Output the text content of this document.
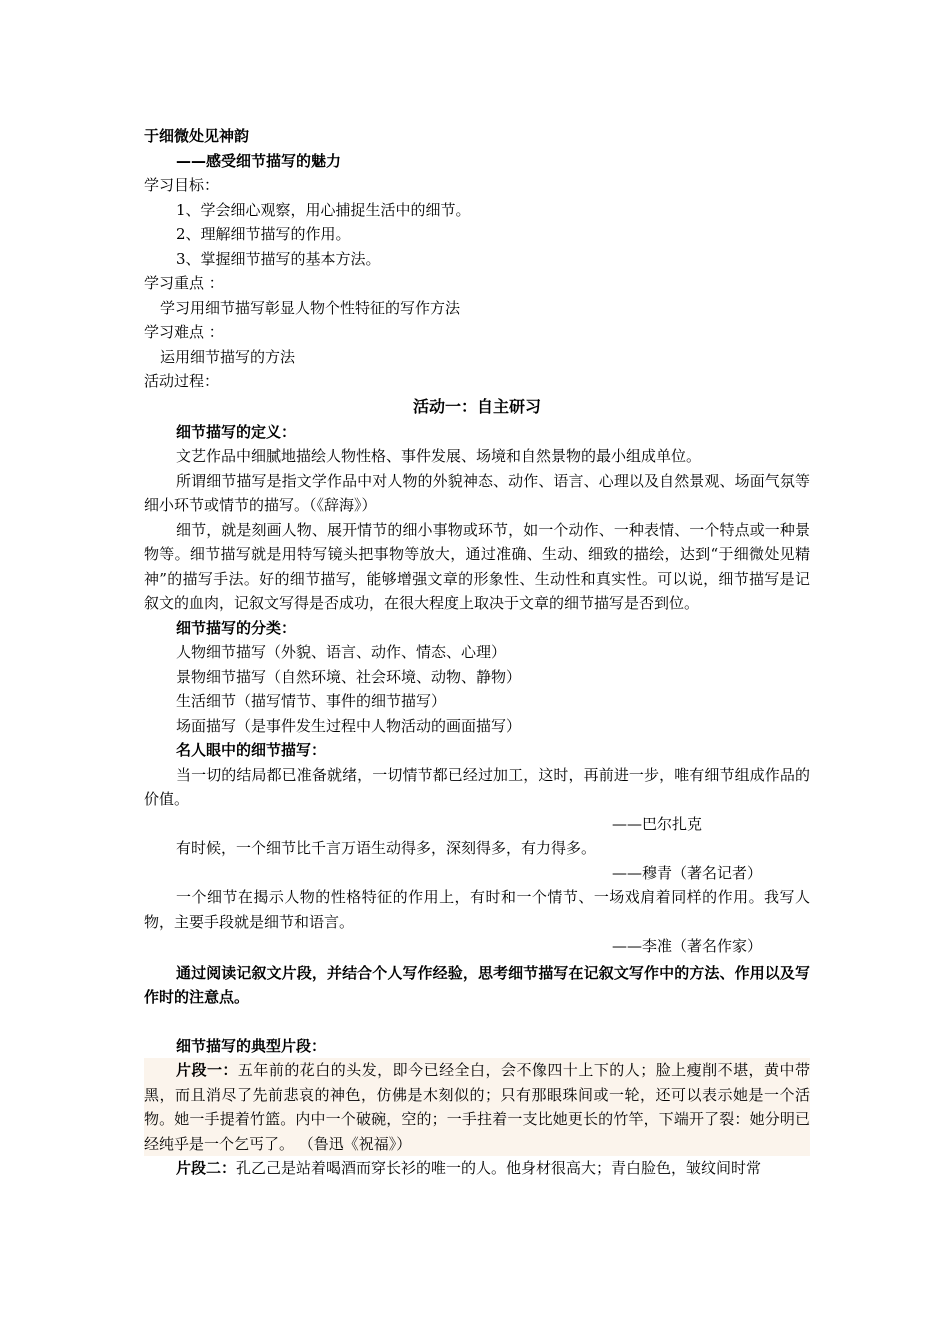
于细微处见神韵
——感受细节描写的魅力
学习目标：
1、学会细心观察，用心捕捉生活中的细节。
2、理解细节描写的作用。
3、掌握细节描写的基本方法。
学习重点 ：
学习用细节描写彰显人物个性特征的写作方法
学习难点 ：
运用细节描写的方法
活动过程：
活动一：自主研习
细节描写的定义：
文艺作品中细腻地描绘人物性格、事件发展、场境和自然景物的最小组成单位。
所谓细节描写是指文学作品中对人物的外貌神态、动作、语言、心理以及自然景观、场面气氛等细小环节或情节的描写。（《辞海》）
细节，就是刻画人物、展开情节的细小事物或环节，如一个动作、一种表情、一个特点或一种景物等。细节描写就是用特写镜头把事物等放大，通过准确、生动、细致的描绘，达到“于细微处见精神”的描写手法。好的细节描写，能够增强文章的形象性、生动性和真实性。可以说，细节描写是记叙文的血肉，记叙文写得是否成功，在很大程度上取决于文章的细节描写是否到位。
细节描写的分类：
人物细节描写（外貌、语言、动作、情态、心理）
景物细节描写（自然环境、社会环境、动物、静物）
生活细节（描写情节、事件的细节描写）
场面描写（是事件发生过程中人物活动的画面描写）
名人眼中的细节描写：
当一切的结局都已准备就绪，一切情节都已经过加工，这时，再前进一步，唯有细节组成作品的价值。
——巴尔扎克
有时候，一个细节比千言万语生动得多，深刻得多，有力得多。
——穆青（著名记者）
一个细节在揭示人物的性格特征的作用上，有时和一个情节、一场戏肩着同样的作用。我写人物，主要手段就是细节和语言。
——李准（著名作家）
通过阅读记叙文片段，并结合个人写作经验，思考细节描写在记叙文写作中的方法、作用以及写作时的注意点。
细节描写的典型片段：
片段一：五年前的花白的头发，即今已经全白，会不像四十上下的人；脸上瘦削不堪，黄中带黑，而且消尽了先前悲哀的神色，仿佛是木刻似的；只有那眼珠间或一轮，还可以表示她是一个活物。她一手提着竹篮。内中一个破碗，空的；一手拄着一支比她更长的竹竿，下端开了裂：她分明已经纯乎是一个乞丐了。 （鲁迅《祝福》）
片段二：孔乙己是站着喝酒而穿长衫的唯一的人。他身材很高大；青白脸色，皱纹间时常
